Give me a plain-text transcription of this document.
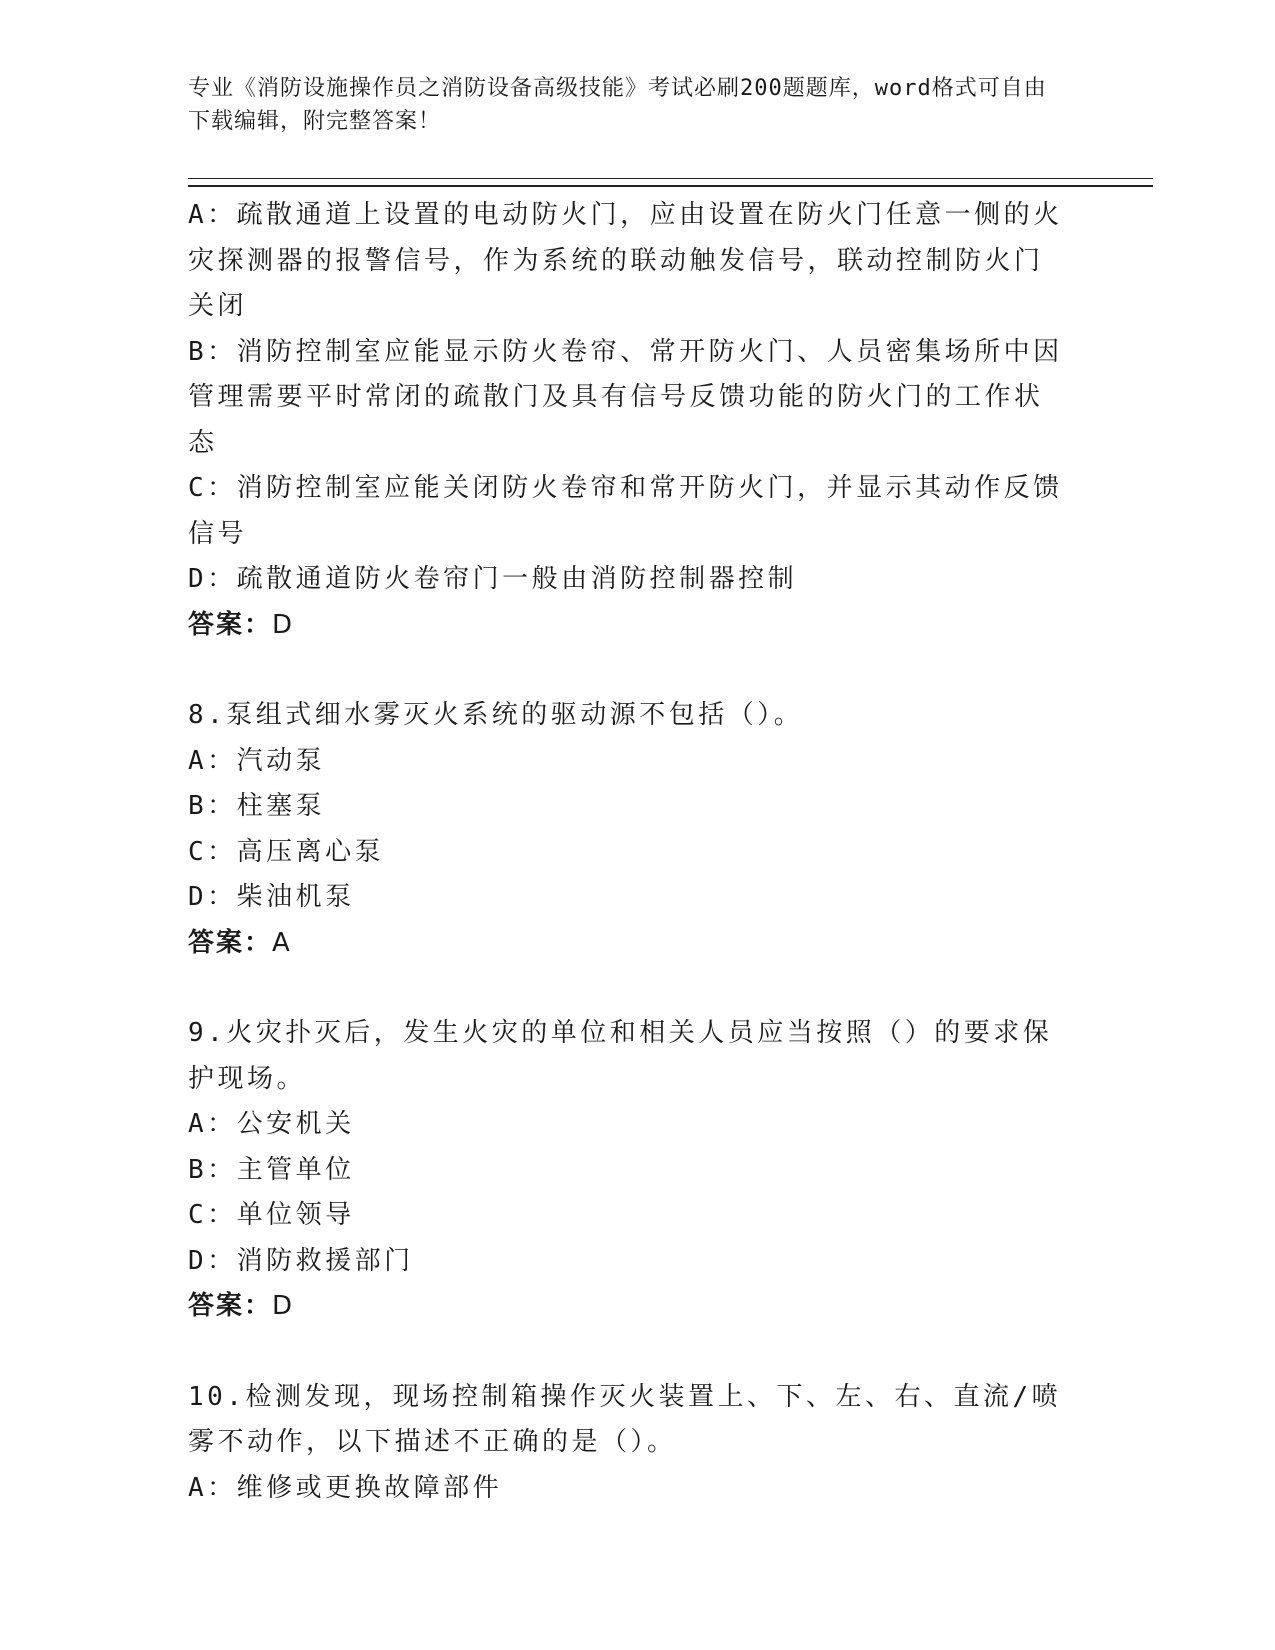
专业《消防设施操作员之消防设备高级技能》考试必刷200题题库，word格式可自由下载编辑，附完整答案！

A：疏散通道上设置的电动防火门，应由设置在防火门任意一侧的火灾探测器的报警信号，作为系统的联动触发信号，联动控制防火门关闭

B：消防控制室应能显示防火卷帘、常开防火门、人员密集场所中因管理需要平时常闭的疏散门及具有信号反馈功能的防火门的工作状态

C：消防控制室应能关闭防火卷帘和常开防火门，并显示其动作反馈信号

D：疏散通道防火卷帘门一般由消防控制器控制

答案：D

8.泵组式细水雾灭火系统的驱动源不包括（）。

A：汽动泵

B：柱塞泵

C：高压离心泵

D：柴油机泵

答案：A

9.火灾扑灭后，发生火灾的单位和相关人员应当按照（）的要求保护现场。

A：公安机关

B：主管单位

C：单位领导

D：消防救援部门

答案：D

10.检测发现，现场控制箱操作灭火装置上、下、左、右、直流/喷雾不动作，以下描述不正确的是（）。

A：维修或更换故障部件
